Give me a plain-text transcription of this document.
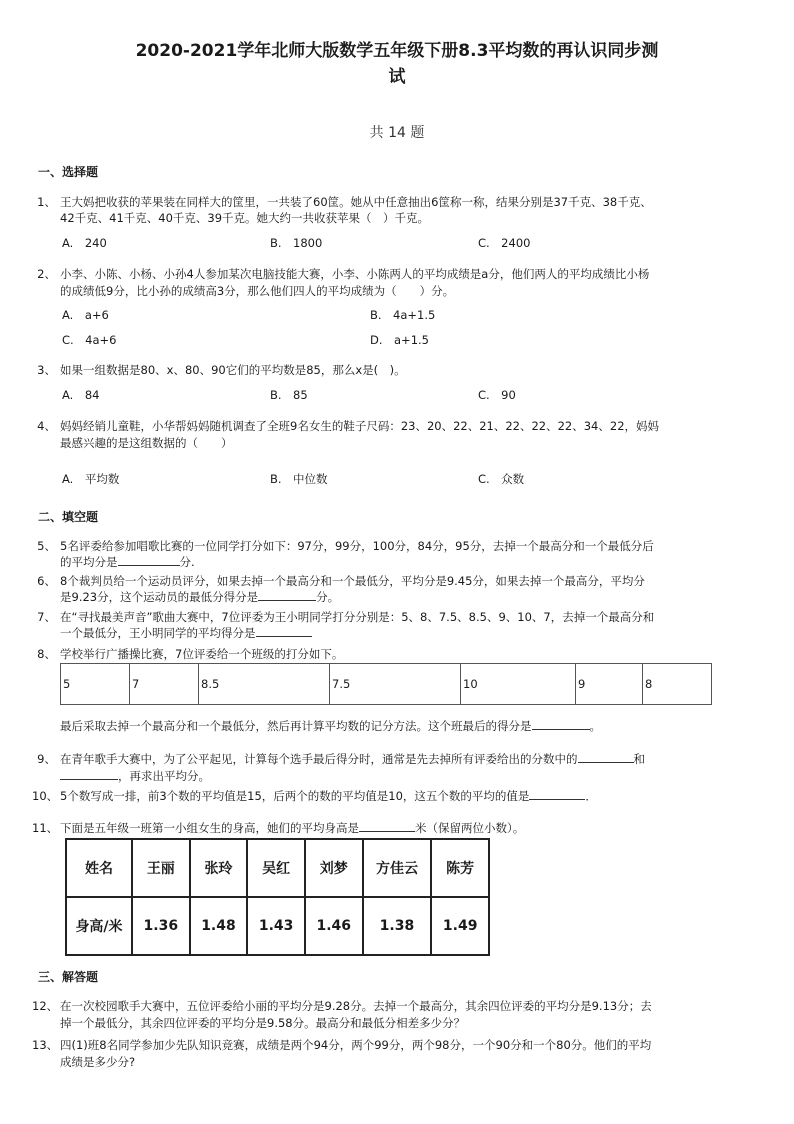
2020-2021学年北师大版数学五年级下册8.3平均数的再认识同步测
试
共 14 题
一、选择题
1、 王大妈把收获的苹果装在同样大的筐里，一共装了60筐。她从中任意抽出6筐称一称，结果分别是37千克、38千克、
42千克、41千克、40千克、39千克。她大约一共收获苹果（　）千克。
A.　240	B.　1800	C.　2400
2、 小李、小陈、小杨、小孙4人参加某次电脑技能大赛，小李、小陈两人的平均成绩是a分，他们两人的平均成绩比小杨
的成绩低9分，比小孙的成绩高3分，那么他们四人的平均成绩为（　　）分。
A.　a+6	B.　4a+1.5
C.　4a+6	D.　a+1.5
3、 如果一组数据是80、x、80、90它们的平均数是85，那么x是(　)。
A.　84	B.　85	C.　90
4、 妈妈经销儿童鞋，小华帮妈妈随机调查了全班9名女生的鞋子尺码：23、20、22、21、22、22、22、34、22，妈妈
最感兴趣的是这组数据的（　　）
A.　平均数	B.　中位数	C.　众数
二、填空题
5、 5名评委给参加唱歌比赛的一位同学打分如下：97分，99分，100分，84分，95分，去掉一个最高分和一个最低分后
的平均分是	分.
6、 8个裁判员给一个运动员评分，如果去掉一个最高分和一个最低分，平均分是9.45分，如果去掉一个最高分，平均分
是9.23分，这个运动员的最低分得分是	分。
7、 在“寻找最美声音”歌曲大赛中，7位评委为王小明同学打分分别是：5、8、7.5、8.5、9、10、7，去掉一个最高分和
一个最低分，王小明同学的平均得分是
8、 学校举行广播操比赛，7位评委给一个班级的打分如下。
5	7	8.5	7.5	10	9	8
最后采取去掉一个最高分和一个最低分，然后再计算平均数的记分方法。这个班最后的得分是	。
9、 在青年歌手大赛中，为了公平起见，计算每个选手最后得分时，通常是先去掉所有评委给出的分数中的	和
，再求出平均分。
10、 5个数写成一排，前3个数的平均值是15，后两个的数的平均值是10，这五个数的平均的值是	．
11、 下面是五年级一班第一小组女生的身高，她们的平均身高是	米（保留两位小数）。
姓名	王丽	张玲	吴红	刘梦	方佳云	陈芳
身高/米	1.36	1.48	1.43	1.46	1.38	1.49
三、解答题
12、 在一次校园歌手大赛中，五位评委给小丽的平均分是9.28分。去掉一个最高分，其余四位评委的平均分是9.13分；去
掉一个最低分，其余四位评委的平均分是9.58分。最高分和最低分相差多少分？
13、 四(1)班8名同学参加少先队知识竞赛，成绩是两个94分，两个99分，两个98分，一个90分和一个80分。他们的平均
成绩是多少分?
